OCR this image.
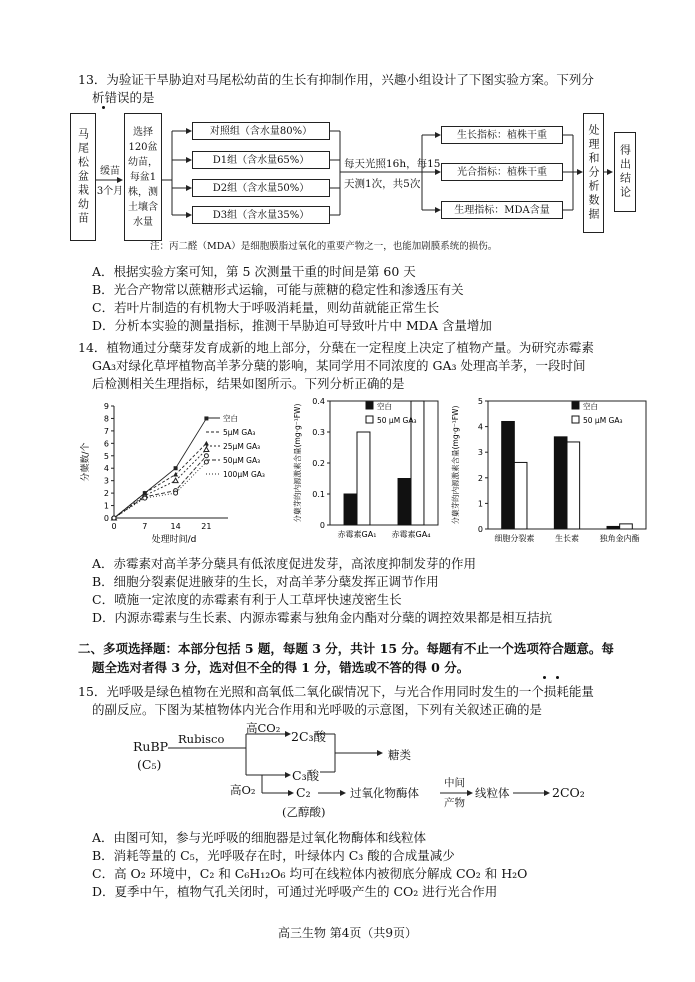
13．为验证干旱胁迫对马尾松幼苗的生长有抑制作用，兴趣小组设计了下图实验方案。下列分
析错误的是
马尾松盆栽幼苗	缓苗
3个月
选择120盆幼苗，每盆1株，测土壤含水量
对照组（含水量80%）
D1组（含水量65%）
D2组（含水量50%）
D3组（含水量35%）
每天光照16h，每15
天测1次，共5次
生长指标：植株干重
光合指标：植株干重
生理指标：MDA含量	处理和分析数据	得出结论
注：丙二醛（MDA）是细胞膜脂过氧化的重要产物之一，也能加剧膜系统的损伤。
A．根据实验方案可知，第 5 次测量干重的时间是第 60 天
B．光合产物常以蔗糖形式运输，可能与蔗糖的稳定性和渗透压有关
C．若叶片制造的有机物大于呼吸消耗量，则幼苗就能正常生长
D．分析本实验的测量指标，推测干旱胁迫可导致叶片中 MDA 含量增加
14．植物通过分蘖芽发育成新的地上部分，分蘖在一定程度上决定了植物产量。为研究赤霉素
GA₃对绿化草坪植物高羊茅分蘖的影响，某同学用不同浓度的 GA₃ 处理高羊茅，一段时间
后检测相关生理指标，结果如图所示。下列分析正确的是
0
1
2
3
4
5
6
7
8
9
0	7	14	21
处理时间/d
分蘖数/个
空白
5μM GA₃
25μM GA₃
50μM GA₃
100μM GA₃
0
0.1
0.2
0.3
0.4
赤霉素GA₁ 赤霉素GA₄
空白
50 μM GA₃
分蘖芽的内源激素含量(mg·g⁻¹FW)
0
1
2
3
4
5
细胞分裂素	生长素	独角金内酯
空白
50 μM GA₃
分蘖芽的内源激素含量(mg·g⁻¹FW)
A．赤霉素对高羊茅分蘖具有低浓度促进发芽，高浓度抑制发芽的作用
B．细胞分裂素促进腋芽的生长，对高羊茅分蘖发挥正调节作用
C．喷施一定浓度的赤霉素有利于人工草坪快速茂密生长
D．内源赤霉素与生长素、内源赤霉素与独角金内酯对分蘖的调控效果都是相互拮抗
二、多项选择题：本部分包括 5 题，每题 3 分，共计 15 分。每题有不止一个选项符合题意。每
题全选对者得 3 分，选对但不全的得 1 分，错选或不答的得 0 分。
15．光呼吸是绿色植物在光照和高氧低二氧化碳情况下，与光合作用同时发生的一个损耗能量
的副反应。下图为某植物体内光合作用和光呼吸的示意图，下列有关叙述正确的是
RuBP
(C₅)
Rubisco
高CO₂
2C₃酸
糖类
C₃酸
高O₂	C₂
(乙醇酸)
过氧化物酶体
中间
产物
线粒体	2CO₂
A．由图可知，参与光呼吸的细胞器是过氧化物酶体和线粒体
B．消耗等量的 C₅，光呼吸存在时，叶绿体内 C₃ 酸的合成量减少
C．高 O₂ 环境中，C₂ 和 C₆H₁₂O₆ 均可在线粒体内被彻底分解成 CO₂ 和 H₂O
D．夏季中午，植物气孔关闭时，可通过光呼吸产生的 CO₂ 进行光合作用
高三生物 第4页（共9页）
